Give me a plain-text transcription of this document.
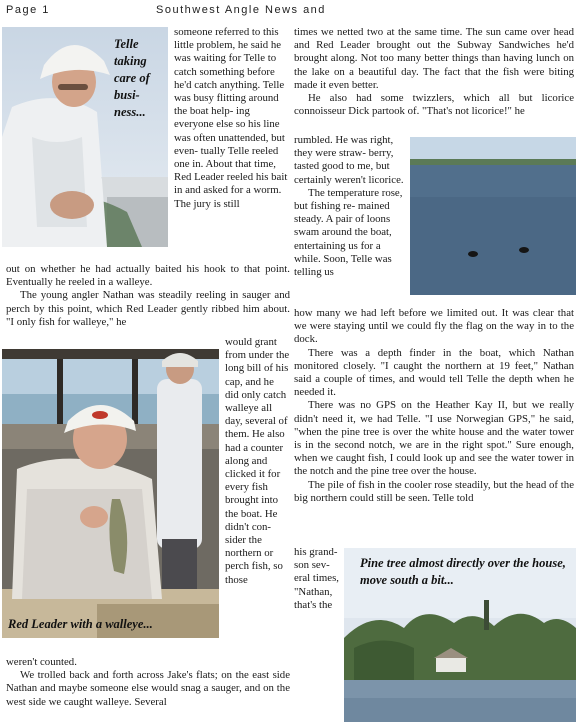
Page 1	Southwest Angle News and
Telle taking care of busi- ness...

someone referred to this little problem, he said he was waiting for Telle to catch something before he'd catch anything. Telle was busy flitting around the boat help- ing everyone else so his line was often unattended, but even- tually Telle reeled one in. About that time, Red Leader reeled his bait in and asked for a worm. The jury is still

out on whether he had actually baited his hook to that point. Eventually he reeled in a walleye.

The young angler Nathan was steadily reeling in sauger and perch by this point, which Red Leader gently ribbed him about. "I only fish for walleye," he

Red Leader with a walleye...

would grant from under the long bill of his cap, and he did only catch walleye all day, several of them. He also had a counter along and clicked it for every fish brought into the boat. He didn't con- sider the northern or perch fish, so those

weren't counted.

We trolled back and forth across Jake's flats; on the east side Nathan and maybe someone else would snag a sauger, and on the west side we caught walleye. Several

times we netted two at the same time. The sun came over head and Red Leader brought out the Subway Sandwiches he'd brought along. Not too many better things than having lunch on the lake on a beautiful day. The fact that the fish were biting made it even better.

He also had some twizzlers, which all but licorice connoisseur Dick partook of. "That's not licorice!" he

rumbled. He was right, they were straw- berry, tasted good to me, but certainly weren't licorice.

The temperature rose, but fishing re- mained steady. A pair of loons swam around the boat, entertaining us for a while. Soon, Telle was telling us

how many we had left before we limited out. It was clear that we were staying until we could fly the flag on the way in to the dock.

There was a depth finder in the boat, which Nathan monitored closely. "I caught the northern at 19 feet," Nathan said a couple of times, and would tell Telle the depth when he needed it.

There was no GPS on the Heather Kay II, but we really didn't need it, we had Telle. "I use Norwegian GPS," he said, "when the pine tree is over the white house and the water tower is in the second notch, we are in the right spot." Sure enough, when we caught fish, I could look up and see the water tower in the notch and the pine tree over the house.

The pile of fish in the cooler rose steadily, but the head of the big northern could still be seen. Telle told

his grand- son sev- eral times, "Nathan, that's the

Pine tree almost directly over the house, move south a bit...
